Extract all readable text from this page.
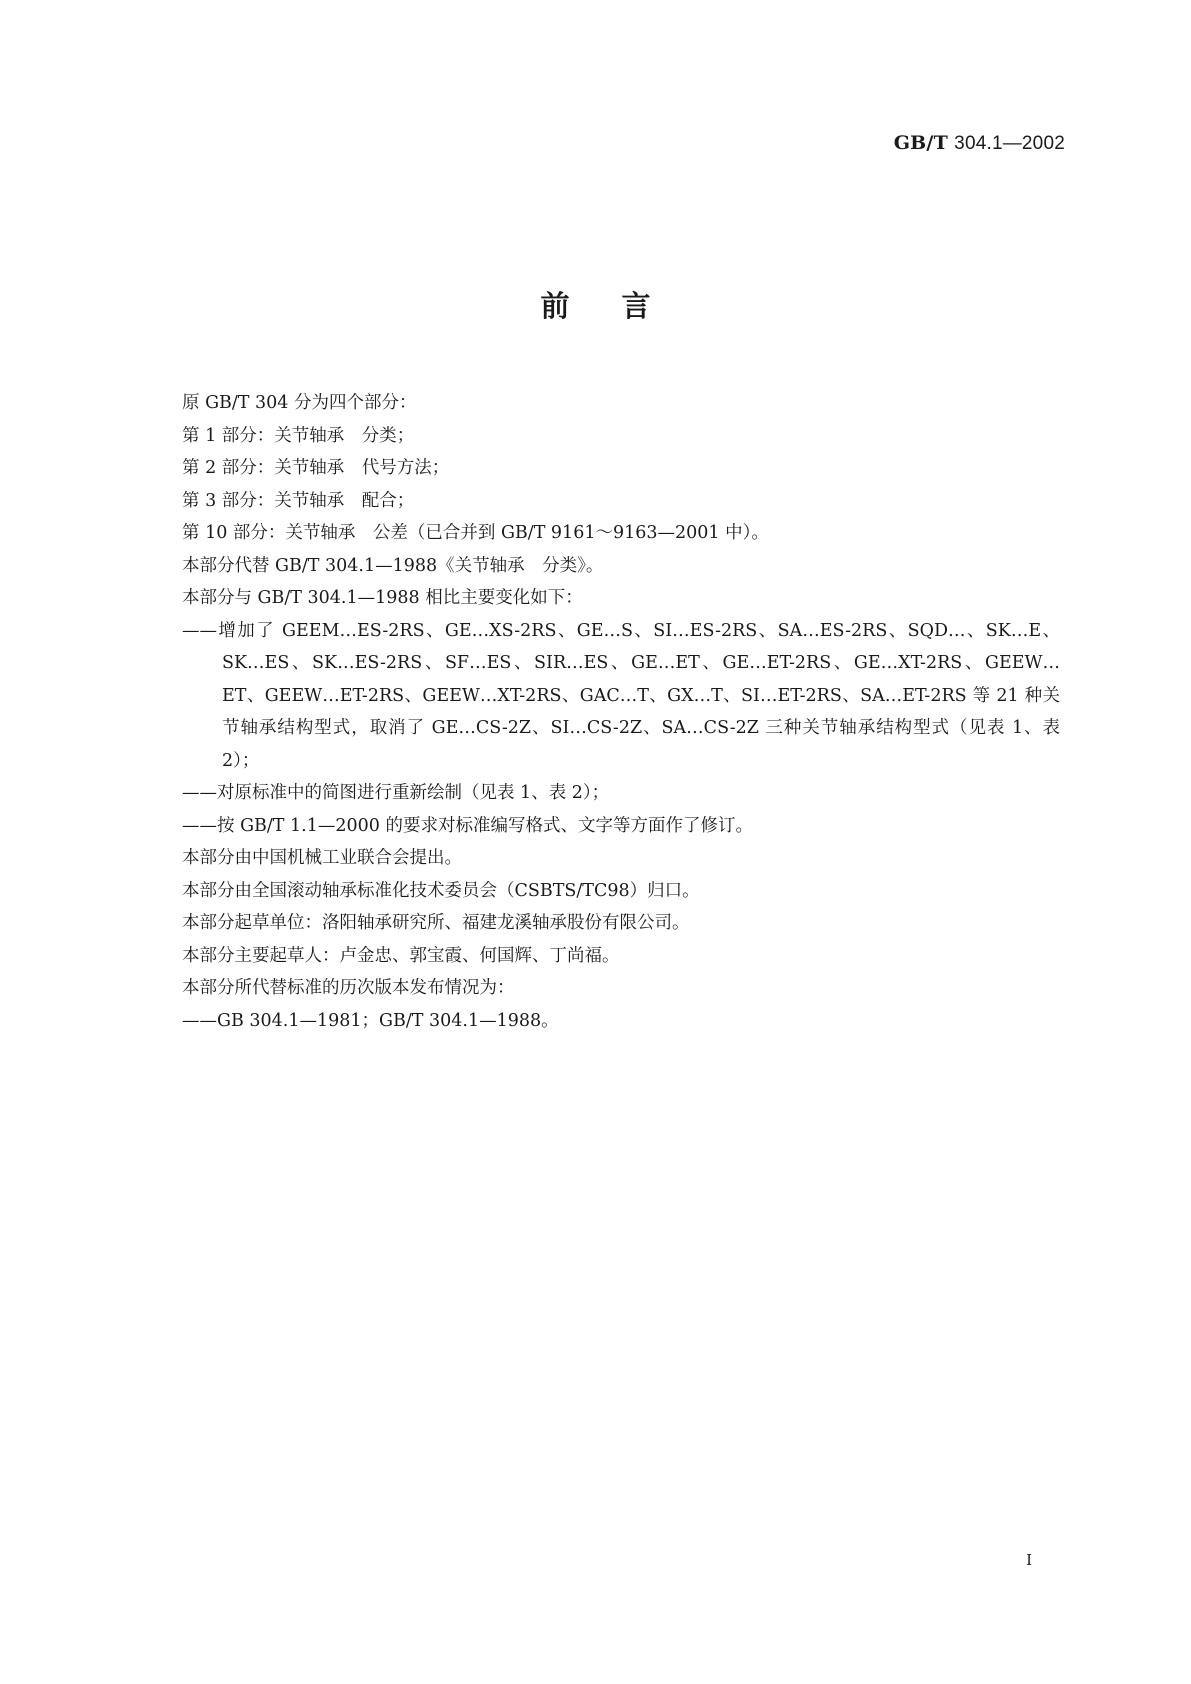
GB/T 304.1—2002
前言

原 GB/T 304 分为四个部分：

第 1 部分：关节轴承　分类；

第 2 部分：关节轴承　代号方法；

第 3 部分：关节轴承　配合；

第 10 部分：关节轴承　公差（已合并到 GB/T 9161～9163—2001 中）。

本部分代替 GB/T 304.1—1988《关节轴承　分类》。

本部分与 GB/T 304.1—1988 相比主要变化如下：

——增加了 GEEM…ES-2RS、GE…XS-2RS、GE…S、SI…ES-2RS、SA…ES-2RS、SQD…、SK…E、SK…ES、SK…ES-2RS、SF…ES、SIR…ES、GE…ET、GE…ET-2RS、GE…XT-2RS、GEEW…ET、GEEW…ET-2RS、GEEW…XT-2RS、GAC…T、GX…T、SI…ET-2RS、SA…ET-2RS 等 21 种关节轴承结构型式，取消了 GE…CS-2Z、SI…CS-2Z、SA…CS-2Z 三种关节轴承结构型式（见表 1、表 2）；

——对原标准中的简图进行重新绘制（见表 1、表 2）；

——按 GB/T 1.1—2000 的要求对标准编写格式、文字等方面作了修订。

本部分由中国机械工业联合会提出。

本部分由全国滚动轴承标准化技术委员会（CSBTS/TC98）归口。

本部分起草单位：洛阳轴承研究所、福建龙溪轴承股份有限公司。

本部分主要起草人：卢金忠、郭宝霞、何国辉、丁尚福。

本部分所代替标准的历次版本发布情况为：

——GB 304.1—1981；GB/T 304.1—1988。

Ⅰ
